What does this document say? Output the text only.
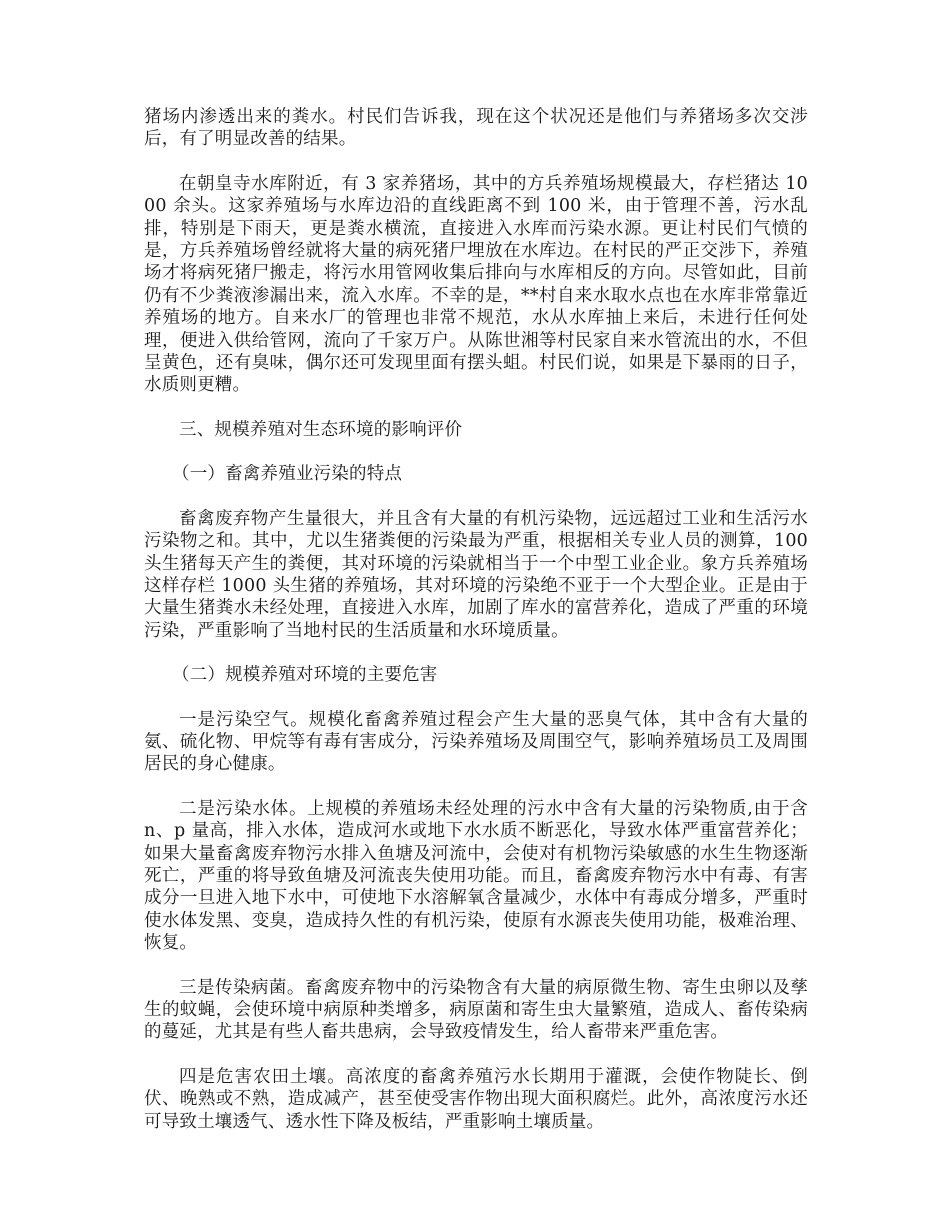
猪场内渗透出来的粪水。村民们告诉我，现在这个状况还是他们与养猪场多次交涉后，有了明显改善的结果。

在朝皇寺水库附近，有 3 家养猪场，其中的方兵养殖场规模最大，存栏猪达 1000 余头。这家养殖场与水库边沿的直线距离不到 100 米，由于管理不善，污水乱排，特别是下雨天，更是粪水横流，直接进入水库而污染水源。更让村民们气愤的是，方兵养殖场曾经就将大量的病死猪尸埋放在水库边。在村民的严正交涉下，养殖场才将病死猪尸搬走，将污水用管网收集后排向与水库相反的方向。尽管如此，目前仍有不少粪液渗漏出来，流入水库。不幸的是，**村自来水取水点也在水库非常靠近养殖场的地方。自来水厂的管理也非常不规范，水从水库抽上来后，未进行任何处理，便进入供给管网，流向了千家万户。从陈世湘等村民家自来水管流出的水，不但呈黄色，还有臭味，偶尔还可发现里面有摆头蛆。村民们说，如果是下暴雨的日子，水质则更糟。

三、规模养殖对生态环境的影响评价

（一）畜禽养殖业污染的特点

畜禽废弃物产生量很大，并且含有大量的有机污染物，远远超过工业和生活污水污染物之和。其中，尤以生猪粪便的污染最为严重，根据相关专业人员的测算，100 头生猪每天产生的粪便，其对环境的污染就相当于一个中型工业企业。象方兵养殖场这样存栏 1000 头生猪的养殖场，其对环境的污染绝不亚于一个大型企业。正是由于大量生猪粪水未经处理，直接进入水库，加剧了库水的富营养化，造成了严重的环境污染，严重影响了当地村民的生活质量和水环境质量。

（二）规模养殖对环境的主要危害

一是污染空气。规模化畜禽养殖过程会产生大量的恶臭气体，其中含有大量的氨、硫化物、甲烷等有毒有害成分，污染养殖场及周围空气，影响养殖场员工及周围居民的身心健康。

二是污染水体。上规模的养殖场未经处理的污水中含有大量的污染物质,由于含 n、p 量高，排入水体，造成河水或地下水水质不断恶化，导致水体严重富营养化；如果大量畜禽废弃物污水排入鱼塘及河流中，会使对有机物污染敏感的水生生物逐渐死亡，严重的将导致鱼塘及河流丧失使用功能。而且，畜禽废弃物污水中有毒、有害成分一旦进入地下水中，可使地下水溶解氧含量减少，水体中有毒成分增多，严重时使水体发黑、变臭，造成持久性的有机污染，使原有水源丧失使用功能，极难治理、恢复。

三是传染病菌。畜禽废弃物中的污染物含有大量的病原微生物、寄生虫卵以及孳生的蚊蝇，会使环境中病原种类增多，病原菌和寄生虫大量繁殖，造成人、畜传染病的蔓延，尤其是有些人畜共患病，会导致疫情发生，给人畜带来严重危害。

四是危害农田土壤。高浓度的畜禽养殖污水长期用于灌溉，会使作物陡长、倒伏、晚熟或不熟，造成减产，甚至使受害作物出现大面积腐烂。此外，高浓度污水还可导致土壤透气、透水性下降及板结，严重影响土壤质量。
